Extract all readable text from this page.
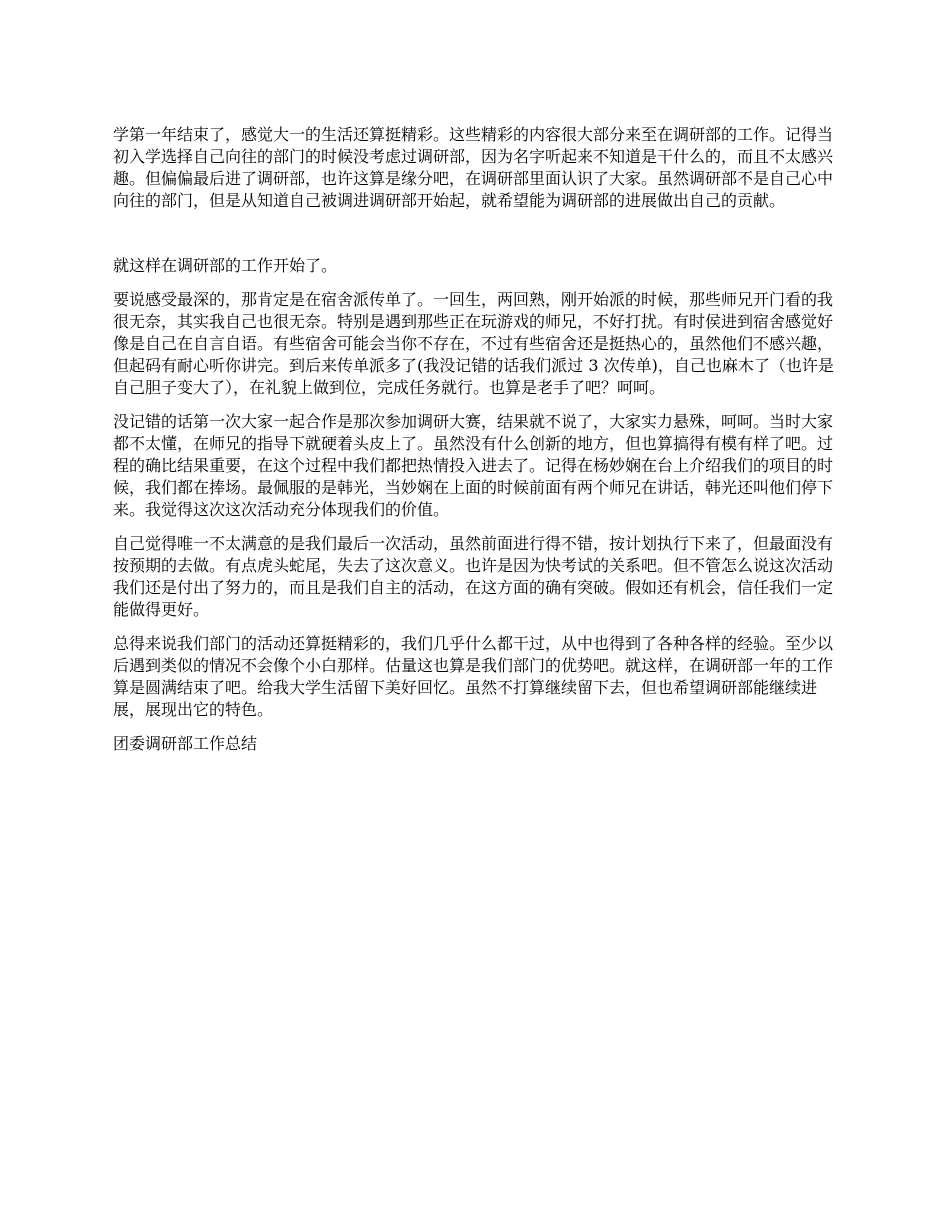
学第一年结束了，感觉大一的生活还算挺精彩。这些精彩的内容很大部分来至在调研部的工作。记得当初入学选择自己向往的部门的时候没考虑过调研部，因为名字听起来不知道是干什么的，而且不太感兴趣。但偏偏最后进了调研部，也许这算是缘分吧，在调研部里面认识了大家。虽然调研部不是自己心中向往的部门，但是从知道自己被调进调研部开始起，就希望能为调研部的进展做出自己的贡献。

就这样在调研部的工作开始了。

要说感受最深的，那肯定是在宿舍派传单了。一回生，两回熟，刚开始派的时候，那些师兄开门看的我很无奈，其实我自己也很无奈。特别是遇到那些正在玩游戏的师兄，不好打扰。有时侯进到宿舍感觉好像是自己在自言自语。有些宿舍可能会当你不存在，不过有些宿舍还是挺热心的，虽然他们不感兴趣，但起码有耐心听你讲完。到后来传单派多了(我没记错的话我们派过 3 次传单)，自己也麻木了（也许是自己胆子变大了），在礼貌上做到位，完成任务就行。也算是老手了吧？呵呵。

没记错的话第一次大家一起合作是那次参加调研大赛，结果就不说了，大家实力悬殊，呵呵。当时大家都不太懂，在师兄的指导下就硬着头皮上了。虽然没有什么创新的地方，但也算搞得有模有样了吧。过程的确比结果重要，在这个过程中我们都把热情投入进去了。记得在杨妙娴在台上介绍我们的项目的时候，我们都在捧场。最佩服的是韩光，当妙娴在上面的时候前面有两个师兄在讲话，韩光还叫他们停下来。我觉得这次这次活动充分体现我们的价值。

自己觉得唯一不太满意的是我们最后一次活动，虽然前面进行得不错，按计划执行下来了，但最面没有按预期的去做。有点虎头蛇尾，失去了这次意义。也许是因为快考试的关系吧。但不管怎么说这次活动我们还是付出了努力的，而且是我们自主的活动，在这方面的确有突破。假如还有机会，信任我们一定能做得更好。

总得来说我们部门的活动还算挺精彩的，我们几乎什么都干过，从中也得到了各种各样的经验。至少以后遇到类似的情况不会像个小白那样。估量这也算是我们部门的优势吧。就这样，在调研部一年的工作算是圆满结束了吧。给我大学生活留下美好回忆。虽然不打算继续留下去，但也希望调研部能继续进展，展现出它的特色。

团委调研部工作总结
